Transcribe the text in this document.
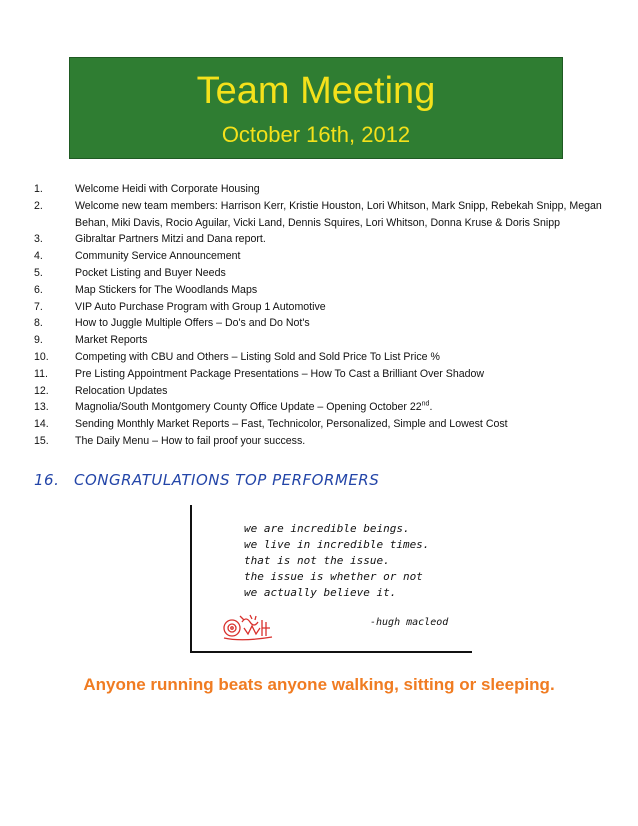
Team Meeting
October 16th, 2012
1.	Welcome Heidi with Corporate Housing
2.	Welcome new team members: Harrison Kerr, Kristie Houston, Lori Whitson, Mark Snipp, Rebekah Snipp, Megan Behan, Miki Davis, Rocio Aguilar, Vicki Land, Dennis Squires, Lori Whitson, Donna Kruse & Doris Snipp
3.	Gibraltar Partners Mitzi and Dana report.
4.	Community Service Announcement
5.	Pocket Listing and Buyer Needs
6.	Map Stickers for The Woodlands Maps
7.	VIP Auto Purchase Program with Group 1 Automotive
8.	How to Juggle Multiple Offers – Do's and Do Not's
9.	Market Reports
10.	Competing with CBU and Others – Listing Sold and Sold Price To List Price %
11.	Pre Listing Appointment Package Presentations – How To Cast a Brilliant Over Shadow
12.	Relocation Updates
13.	Magnolia/South Montgomery County Office Update – Opening October 22nd.
14.	Sending Monthly Market Reports – Fast, Technicolor, Personalized, Simple and Lowest Cost
15.	The Daily Menu – How to fail proof your success.
16. CONGRATULATIONS TOP PERFORMERS
we are incredible beings.
we live in incredible times.
that is not the issue.
the issue is whether or not
we actually believe it.
-hugh macleod
Anyone running beats anyone walking, sitting or sleeping.
